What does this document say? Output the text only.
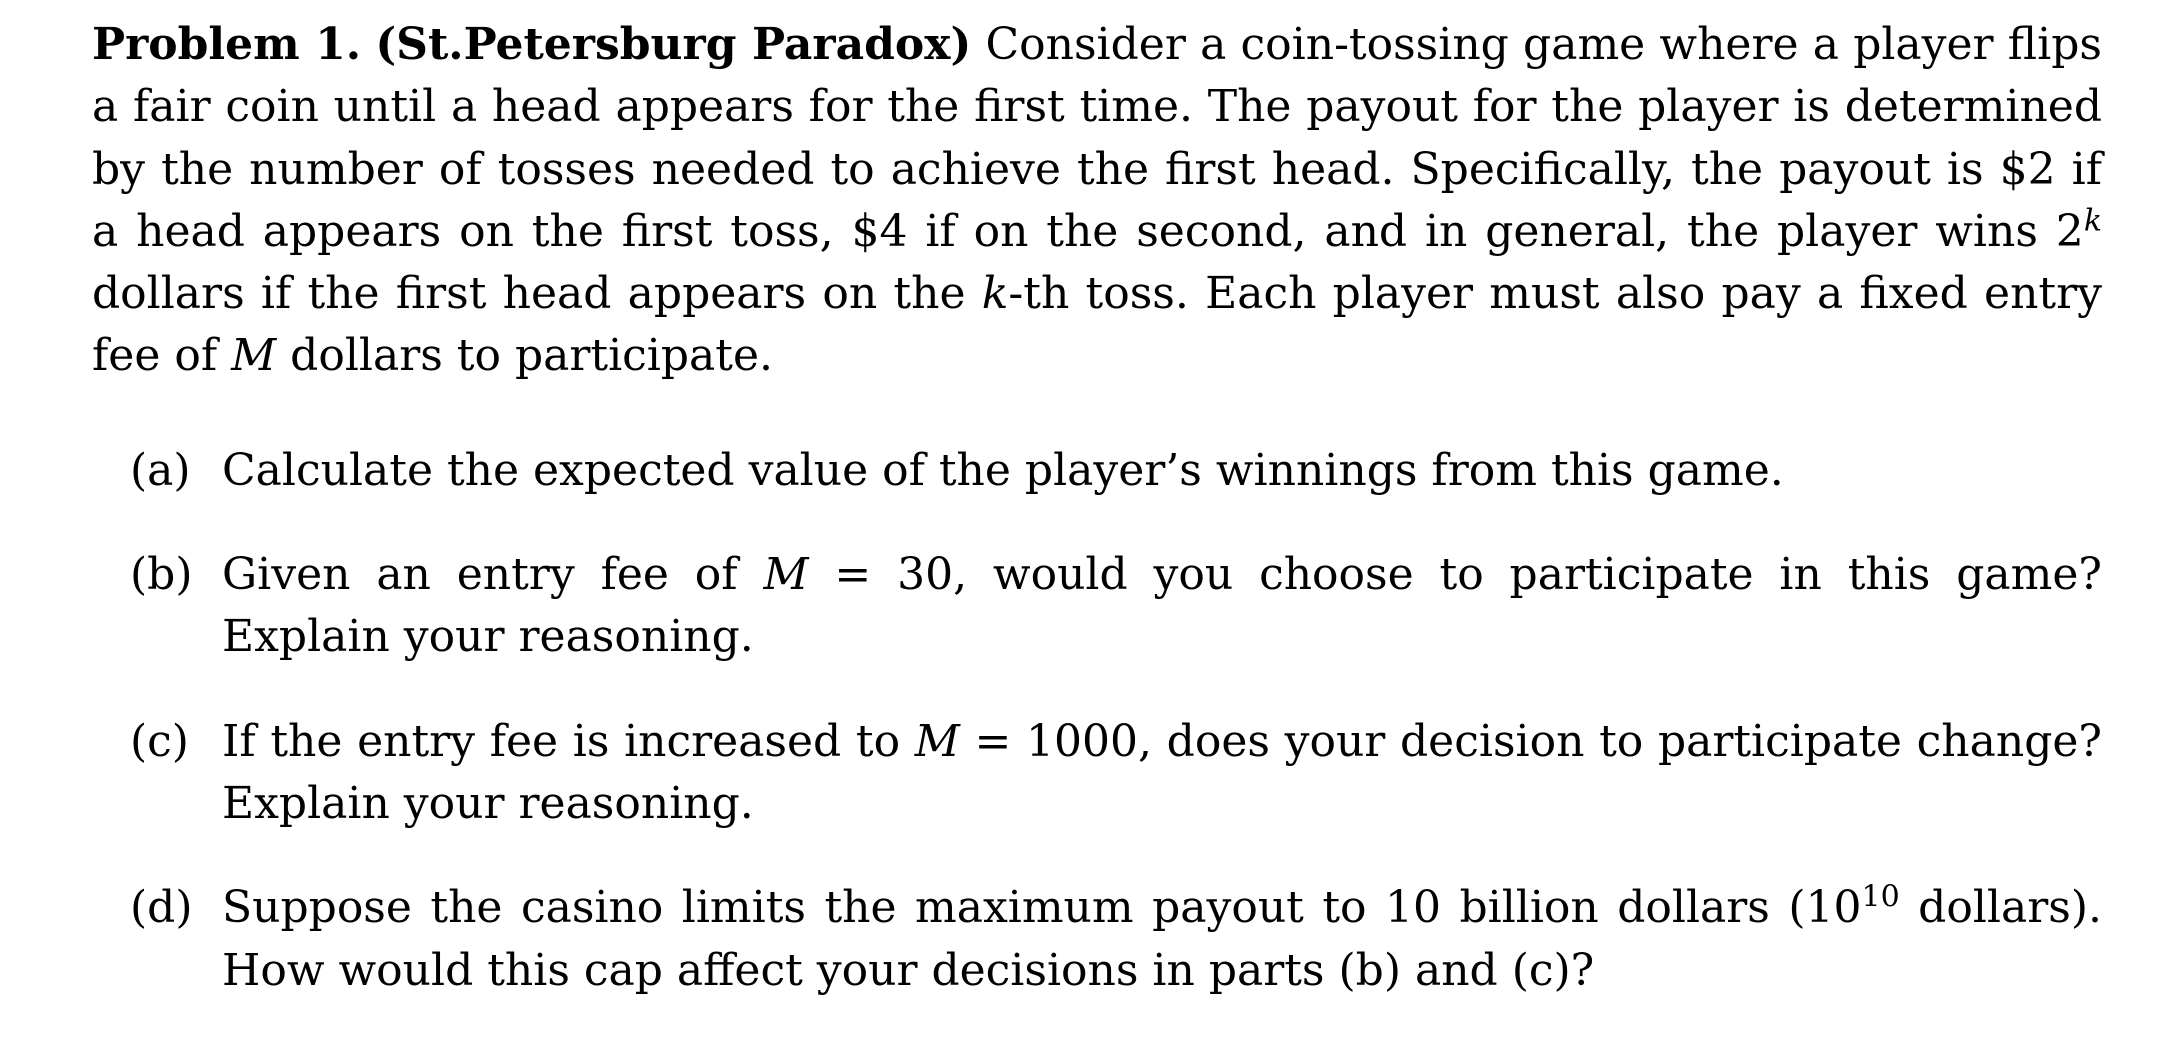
Problem 1. (St.Petersburg Paradox) Consider a coin-tossing game where a player flips a fair coin until a head appears for the first time. The payout for the player is determined by the number of tosses needed to achieve the first head. Specifically, the payout is $2 if a head appears on the first toss, $4 if on the second, and in general, the player wins 2$^k$ dollars if the first head appears on the k-th toss. Each player must also pay a fixed entry fee of M dollars to participate.

(a) Calculate the expected value of the player’s winnings from this game.
(b) Given an entry fee of M = 30, would you choose to participate in this game? Explain your reasoning.
(c) If the entry fee is increased to M = 1000, does your decision to participate change? Explain your reasoning.
(d) Suppose the casino limits the maximum payout to 10 billion dollars ($10^{10}$ dollars). How would this cap affect your decisions in parts (b) and (c)?
